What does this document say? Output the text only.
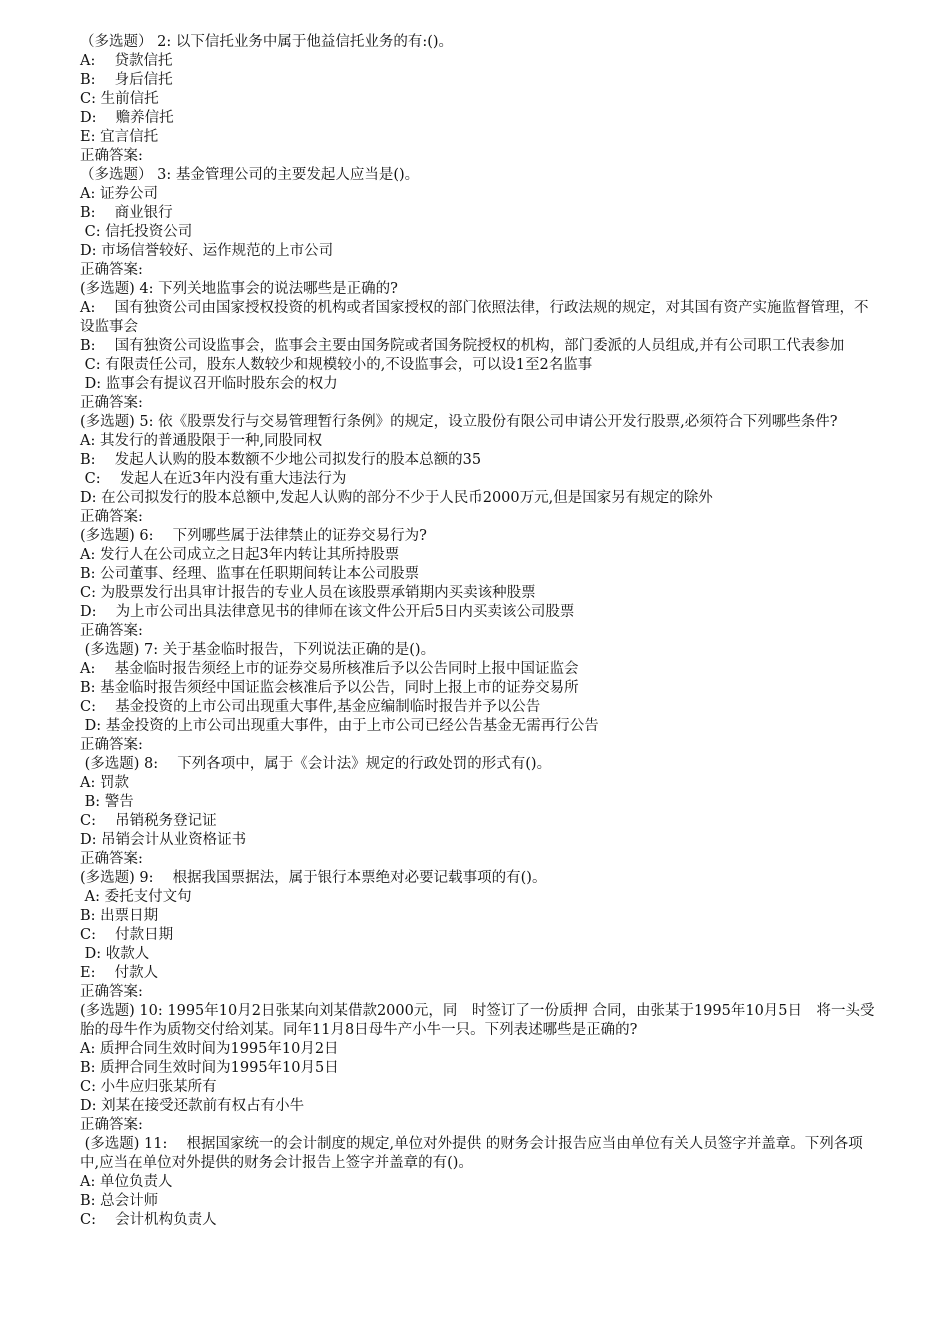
（多选题） 2: 以下信托业务中属于他益信托业务的有:()。

A: 　贷款信托

B: 　身后信托

C: 生前信托

D: 　赡养信托

E: 宜言信托

正确答案:

（多选题） 3: 基金管理公司的主要发起人应当是()。

A: 证券公司

B: 　商业银行

C: 信托投资公司

D: 市场信誉较好、运作规范的上市公司

正确答案:

(多选题) 4: 下列关地监事会的说法哪些是正确的?

A: 　国有独资公司由国家授权投资的机构或者国家授权的部门依照法律，行政法规的规定，对其国有资产实施监督管理，不设监事会

B: 　国有独资公司设监事会，监事会主要由国务院或者国务院授权的机构，部门委派的人员组成,并有公司职工代表参加

C: 有限责任公司，股东人数较少和规模较小的,不设监事会，可以设1至2名监事

D: 监事会有提议召开临时股东会的权力

正确答案:

(多选题) 5: 依《股票发行与交易管理暂行条例》的规定，设立股份有限公司申请公开发行股票,必须符合下列哪些条件?

A: 其发行的普通股限于一种,同股同权

B: 　发起人认购的股本数额不少地公司拟发行的股本总额的35

C: 　发起人在近3年内没有重大违法行为

D: 在公司拟发行的股本总额中,发起人认购的部分不少于人民币2000万元,但是国家另有规定的除外

正确答案:

(多选题) 6: 　下列哪些属于法律禁止的证券交易行为?

A: 发行人在公司成立之日起3年内转让其所持股票

B: 公司董事、经理、监事在任职期间转让本公司股票

C: 为股票发行出具审计报告的专业人员在该股票承销期内买卖该种股票

D: 　为上市公司出具法律意见书的律师在该文件公开后5日内买卖该公司股票

正确答案:

(多选题) 7: 关于基金临时报告，下列说法正确的是()。

A: 　基金临时报告须经上市的证券交易所核准后予以公告同时上报中国证监会

B: 基金临时报告须经中国证监会核准后予以公告，同时上报上市的证券交易所

C: 　基金投资的上市公司出现重大事件,基金应编制临时报告并予以公告

D: 基金投资的上市公司出现重大事件，由于上市公司已经公告基金无需再行公告

正确答案:

(多选题) 8: 　下列各项中，属于《会计法》规定的行政处罚的形式有()。

A: 罚款

B: 警告

C: 　吊销税务登记证

D: 吊销会计从业资格证书

正确答案:

(多选题) 9: 　根据我国票据法，属于银行本票绝对必要记载事项的有()。

A: 委托支付文句

B: 出票日期

C: 　付款日期

D: 收款人

E: 　付款人

正确答案:

(多选题) 10: 1995年10月2日张某向刘某借款2000元，同　时签订了一份质押 合同，由张某于1995年10月5日　将一头受胎的母牛作为质物交付给刘某。同年11月8日母牛产小牛一只。下列表述哪些是正确的?

A: 质押合同生效时间为1995年10月2日

B: 质押合同生效时间为1995年10月5日

C: 小牛应归张某所有

D: 刘某在接受还款前有权占有小牛

正确答案:

(多选题) 11: 　根据国家统一的会计制度的规定,单位对外提供 的财务会计报告应当由单位有关人员签字并盖章。下列各项中,应当在单位对外提供的财务会计报告上签字并盖章的有()。

A: 单位负责人

B: 总会计师

C: 　会计机构负责人
